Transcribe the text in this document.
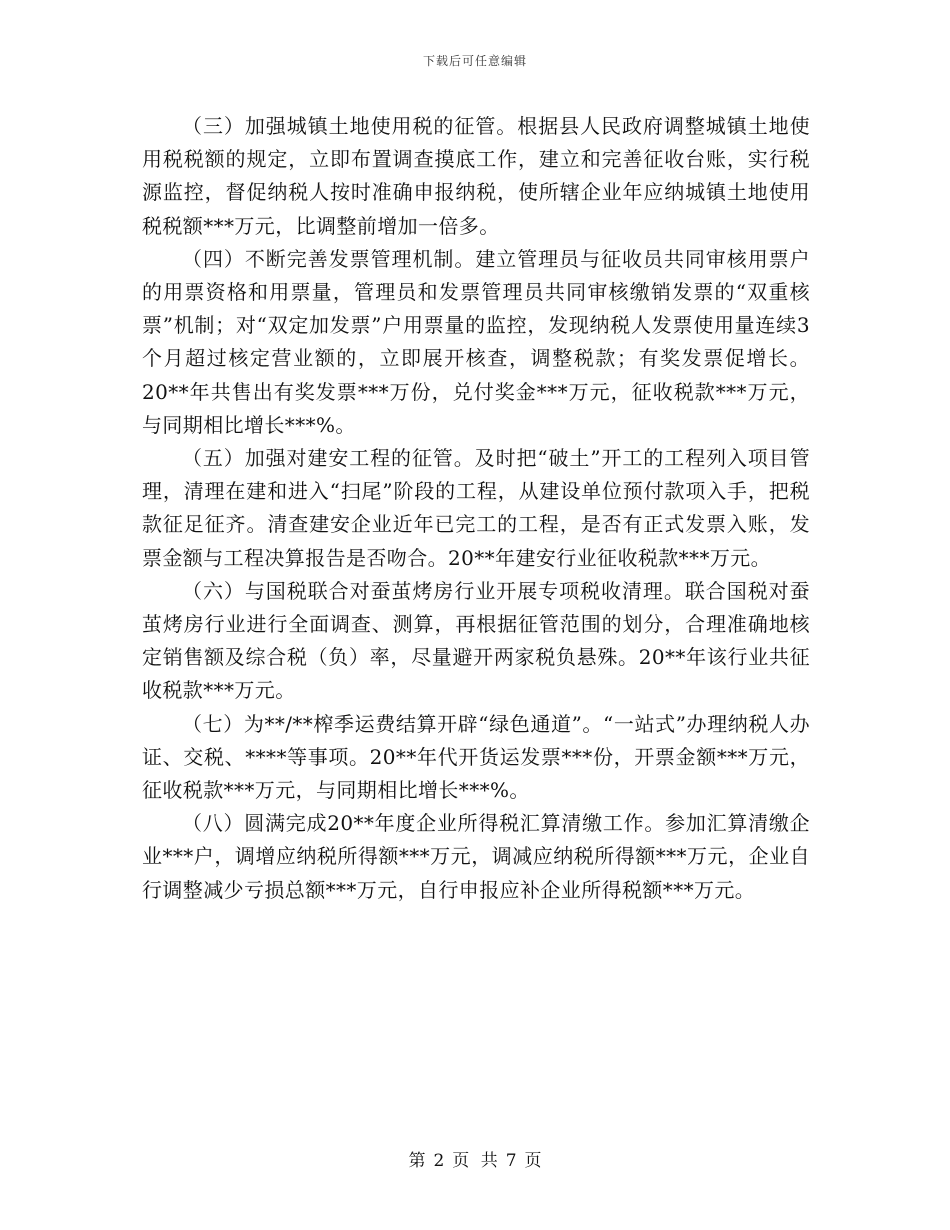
下载后可任意编辑

（三）加强城镇土地使用税的征管。根据县人民政府调整城镇土地使用税税额的规定，立即布置调查摸底工作，建立和完善征收台账，实行税源监控，督促纳税人按时准确申报纳税，使所辖企业年应纳城镇土地使用税税额***万元，比调整前增加一倍多。

（四）不断完善发票管理机制。建立管理员与征收员共同审核用票户的用票资格和用票量，管理员和发票管理员共同审核缴销发票的“双重核票”机制；对“双定加发票”户用票量的监控，发现纳税人发票使用量连续3个月超过核定营业额的，立即展开核查，调整税款；有奖发票促增长。20**年共售出有奖发票***万份，兑付奖金***万元，征收税款***万元，与同期相比增长***%。

（五）加强对建安工程的征管。及时把“破土”开工的工程列入项目管理，清理在建和进入“扫尾”阶段的工程，从建设单位预付款项入手，把税款征足征齐。清查建安企业近年已完工的工程，是否有正式发票入账，发票金额与工程决算报告是否吻合。20**年建安行业征收税款***万元。

（六）与国税联合对蚕茧烤房行业开展专项税收清理。联合国税对蚕茧烤房行业进行全面调查、测算，再根据征管范围的划分，合理准确地核定销售额及综合税（负）率，尽量避开两家税负悬殊。20**年该行业共征收税款***万元。

（七）为**/**榨季运费结算开辟“绿色通道”。“一站式”办理纳税人办证、交税、****等事项。20**年代开货运发票***份，开票金额***万元，征收税款***万元，与同期相比增长***%。

（八）圆满完成20**年度企业所得税汇算清缴工作。参加汇算清缴企业***户，调增应纳税所得额***万元，调减应纳税所得额***万元，企业自行调整减少亏损总额***万元，自行申报应补企业所得税额***万元。

第 2 页 共 7 页
